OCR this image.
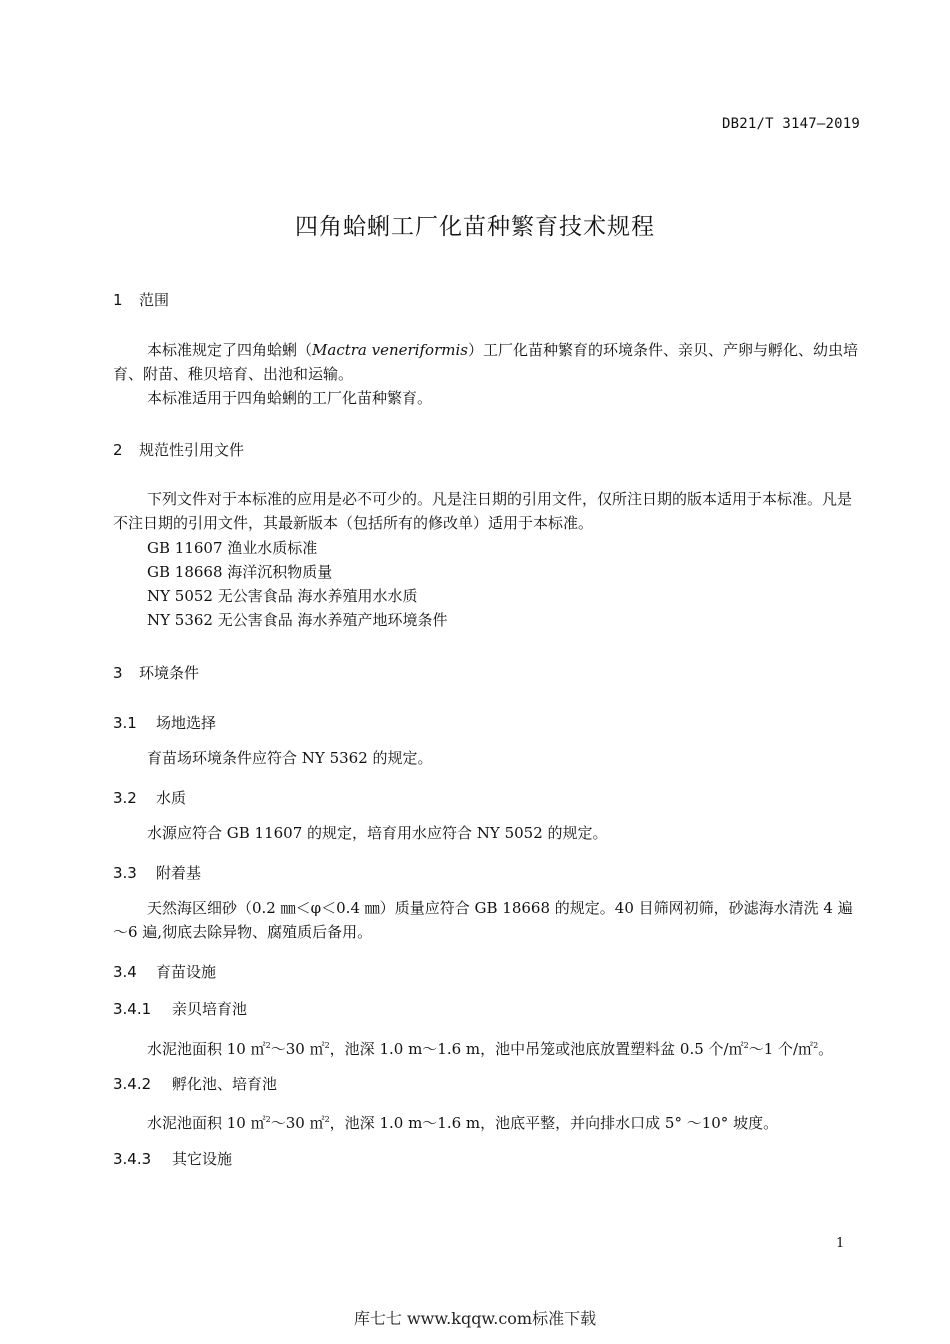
DB21/T 3147—2019
四角蛤蜊工厂化苗种繁育技术规程
1 范围
本标准规定了四角蛤蜊（Mactra veneriformis）工厂化苗种繁育的环境条件、亲贝、产卵与孵化、幼虫培育、附苗、稚贝培育、出池和运输。
本标准适用于四角蛤蜊的工厂化苗种繁育。
2 规范性引用文件
下列文件对于本标准的应用是必不可少的。凡是注日期的引用文件，仅所注日期的版本适用于本标准。凡是不注日期的引用文件，其最新版本（包括所有的修改单）适用于本标准。
GB 11607 渔业水质标准
GB 18668 海洋沉积物质量
NY 5052 无公害食品 海水养殖用水水质
NY 5362 无公害食品 海水养殖产地环境条件
3 环境条件
3.1 场地选择
育苗场环境条件应符合 NY 5362 的规定。
3.2 水质
水源应符合 GB 11607 的规定，培育用水应符合 NY 5052 的规定。
3.3 附着基
天然海区细砂（0.2 ㎜＜φ＜0.4 ㎜）质量应符合 GB 18668 的规定。40 目筛网初筛，砂滤海水清洗 4 遍～6 遍,彻底去除异物、腐殖质后备用。
3.4 育苗设施
3.4.1 亲贝培育池
水泥池面积 10 ㎡$^2$～30 ㎡$^2$，池深 1.0 m～1.6 m，池中吊笼或池底放置塑料盆 0.5 个/㎡$^2$～1 个/㎡$^2$。
3.4.2 孵化池、培育池
水泥池面积 10 ㎡$^2$～30 ㎡$^2$，池深 1.0 m～1.6 m，池底平整，并向排水口成 5° ～10° 坡度。
3.4.3 其它设施
1
库七七 www.kqqw.com标准下载
